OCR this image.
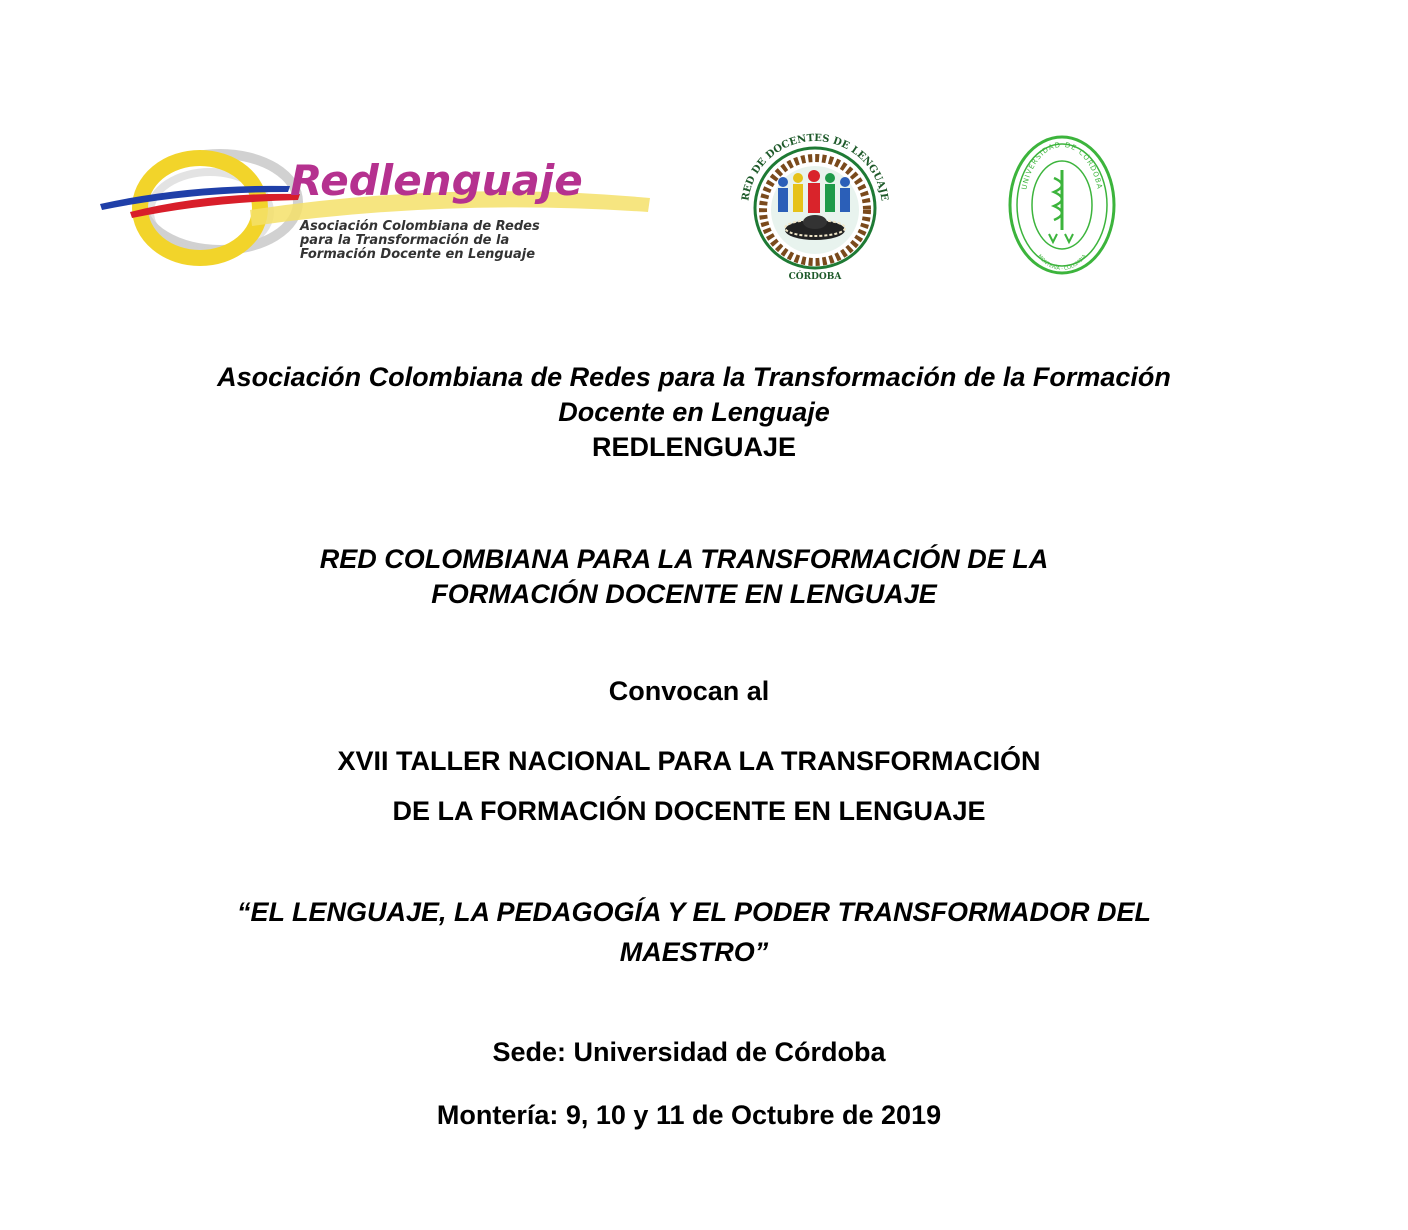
Redlenguaje
Asociación Colombiana de Redes
para la Transformación de la
Formación Docente en Lenguaje
RED DE DOCENTES DE LENGUAJE
CÓRDOBA
UNIVERSIDAD DE CÓRDOBA
MONTERÍA · COLOMBIA
Asociación Colombiana de Redes para la Transformación de la Formación
Docente en Lenguaje
REDLENGUAJE
RED COLOMBIANA PARA LA TRANSFORMACIÓN DE LA
FORMACIÓN DOCENTE EN LENGUAJE
Convocan al
XVII TALLER NACIONAL PARA LA TRANSFORMACIÓN
DE LA FORMACIÓN DOCENTE EN LENGUAJE
“EL LENGUAJE, LA PEDAGOGÍA Y EL PODER TRANSFORMADOR DEL
MAESTRO”
Sede: Universidad de Córdoba
Montería: 9, 10 y 11 de Octubre de 2019
